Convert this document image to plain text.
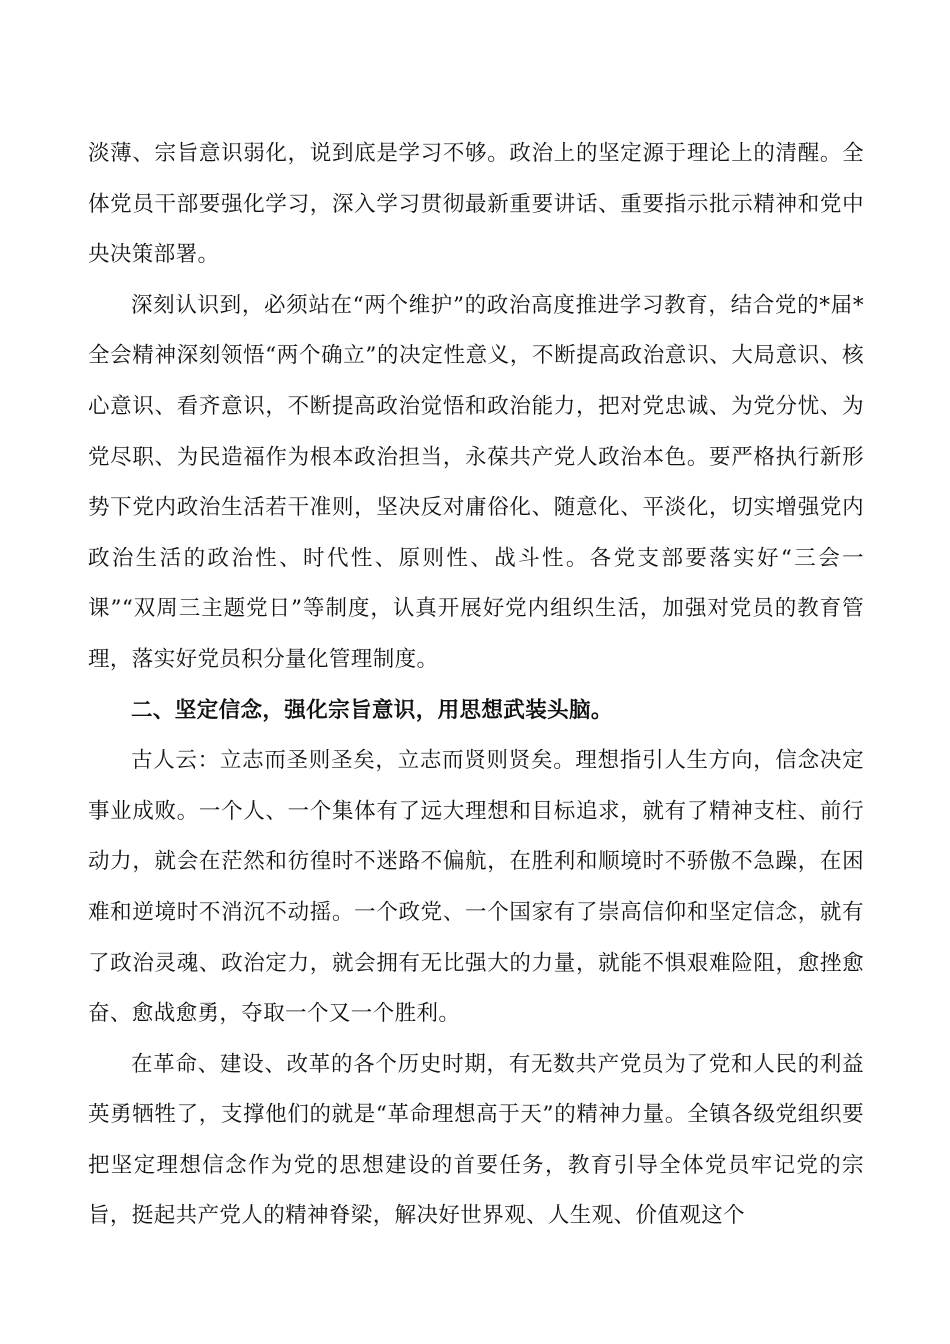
淡薄、宗旨意识弱化，说到底是学习不够。政治上的坚定源于理论上的清醒。全体党员干部要强化学习，深入学习贯彻最新重要讲话、重要指示批示精神和党中央决策部署。

深刻认识到，必须站在“两个维护”的政治高度推进学习教育，结合党的*届*全会精神深刻领悟“两个确立”的决定性意义，不断提高政治意识、大局意识、核心意识、看齐意识，不断提高政治觉悟和政治能力，把对党忠诚、为党分忧、为党尽职、为民造福作为根本政治担当，永葆共产党人政治本色。要严格执行新形势下党内政治生活若干准则，坚决反对庸俗化、随意化、平淡化，切实增强党内政治生活的政治性、时代性、原则性、战斗性。各党支部要落实好“三会一课”“双周三主题党日”等制度，认真开展好党内组织生活，加强对党员的教育管理，落实好党员积分量化管理制度。

二、坚定信念，强化宗旨意识，用思想武装头脑。

古人云：立志而圣则圣矣，立志而贤则贤矣。理想指引人生方向，信念决定事业成败。一个人、一个集体有了远大理想和目标追求，就有了精神支柱、前行动力，就会在茫然和彷徨时不迷路不偏航，在胜利和顺境时不骄傲不急躁，在困难和逆境时不消沉不动摇。一个政党、一个国家有了崇高信仰和坚定信念，就有了政治灵魂、政治定力，就会拥有无比强大的力量，就能不惧艰难险阻，愈挫愈奋、愈战愈勇，夺取一个又一个胜利。

在革命、建设、改革的各个历史时期，有无数共产党员为了党和人民的利益英勇牺牲了，支撑他们的就是“革命理想高于天”的精神力量。全镇各级党组织要把坚定理想信念作为党的思想建设的首要任务，教育引导全体党员牢记党的宗旨，挺起共产党人的精神脊梁，解决好世界观、人生观、价值观这个
